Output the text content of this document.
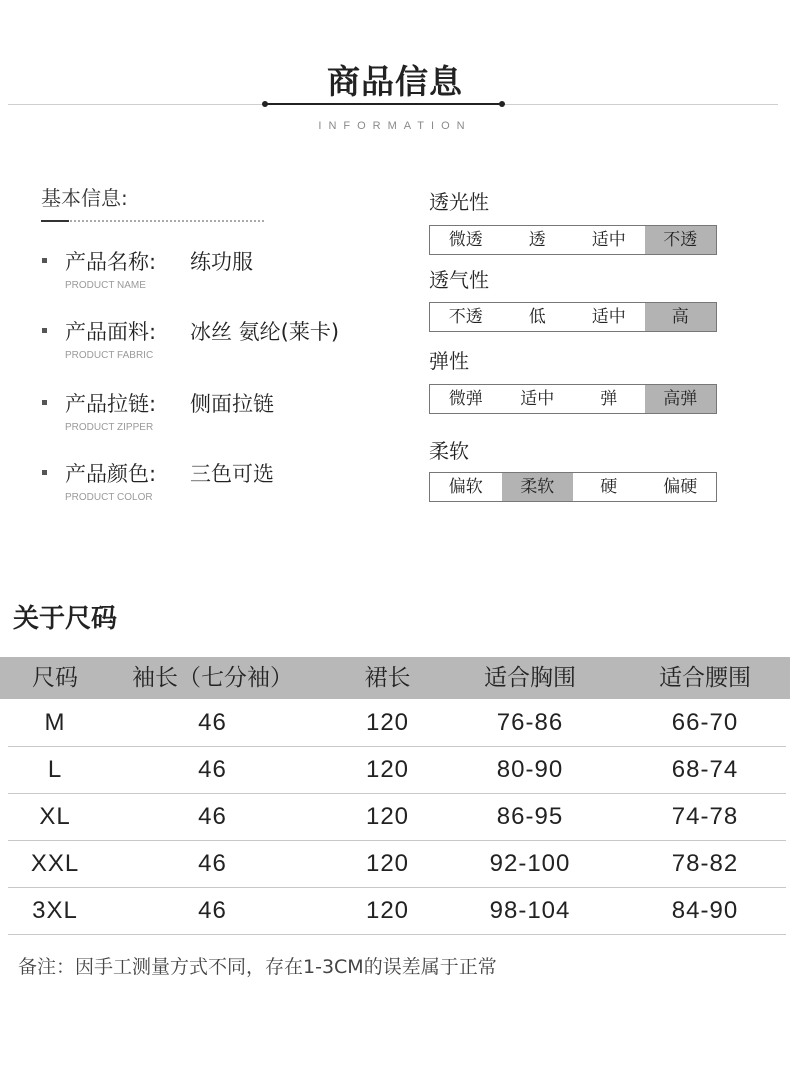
商品信息
INFORMATION
基本信息:
产品名称: 练功服
PRODUCT NAME
产品面料: 冰丝 氨纶(莱卡)
PRODUCT FABRIC
产品拉链: 侧面拉链
PRODUCT ZIPPER
产品颜色: 三色可选
PRODUCT COLOR
透光性
微透	透	适中	不透
透气性
不透	低	适中	高
弹性
微弹	适中	弹	高弹
柔软
偏软	柔软	硬	偏硬
关于尺码
尺码	袖长（七分袖）	裙长	适合胸围	适合腰围
M	46	120	76-86	66-70
L	46	120	80-90	68-74
XL	46	120	86-95	74-78
XXL	46	120	92-100	78-82
3XL	46	120	98-104	84-90
备注：因手工测量方式不同，存在1-3CM的误差属于正常
